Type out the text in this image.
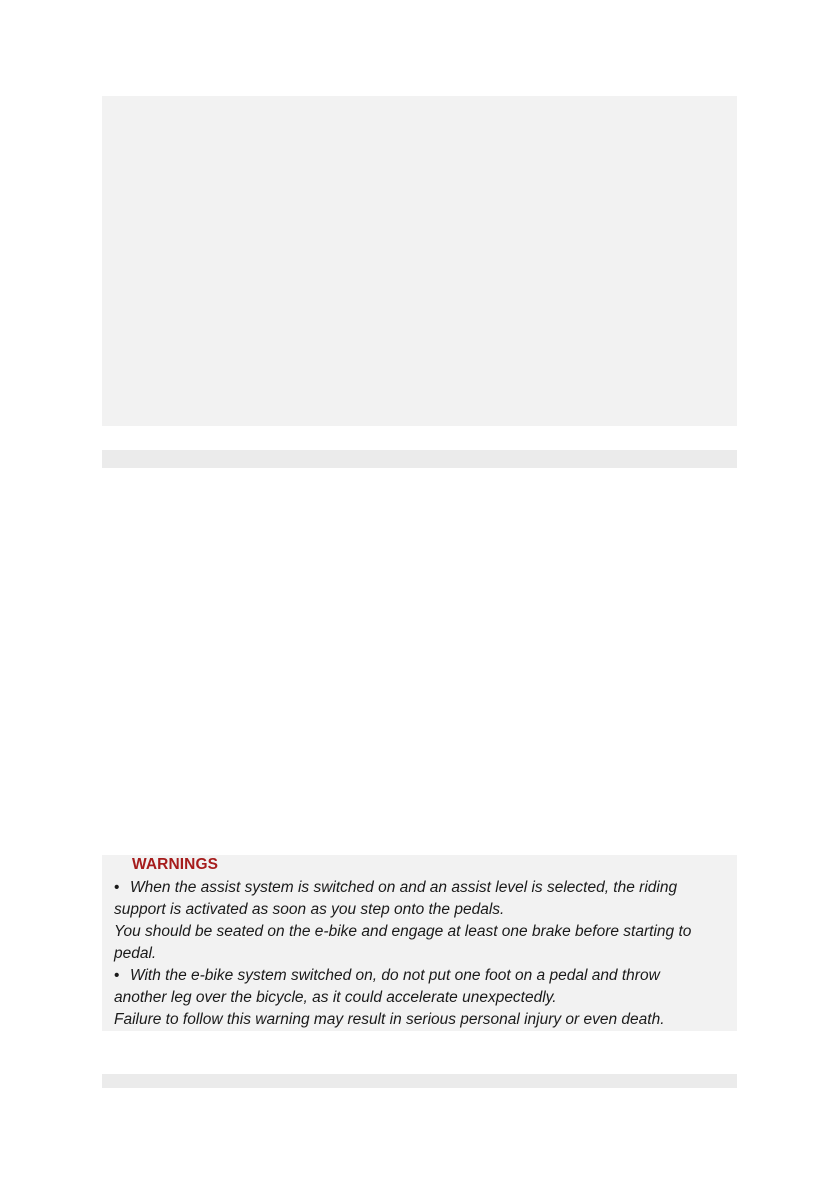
WARNINGS
• When the assist system is switched on and an assist level is selected, the riding
support is activated as soon as you step onto the pedals.
You should be seated on the e-bike and engage at least one brake before starting to
pedal.
• With the e-bike system switched on, do not put one foot on a pedal and throw
another leg over the bicycle, as it could accelerate unexpectedly.
Failure to follow this warning may result in serious personal injury or even death.
